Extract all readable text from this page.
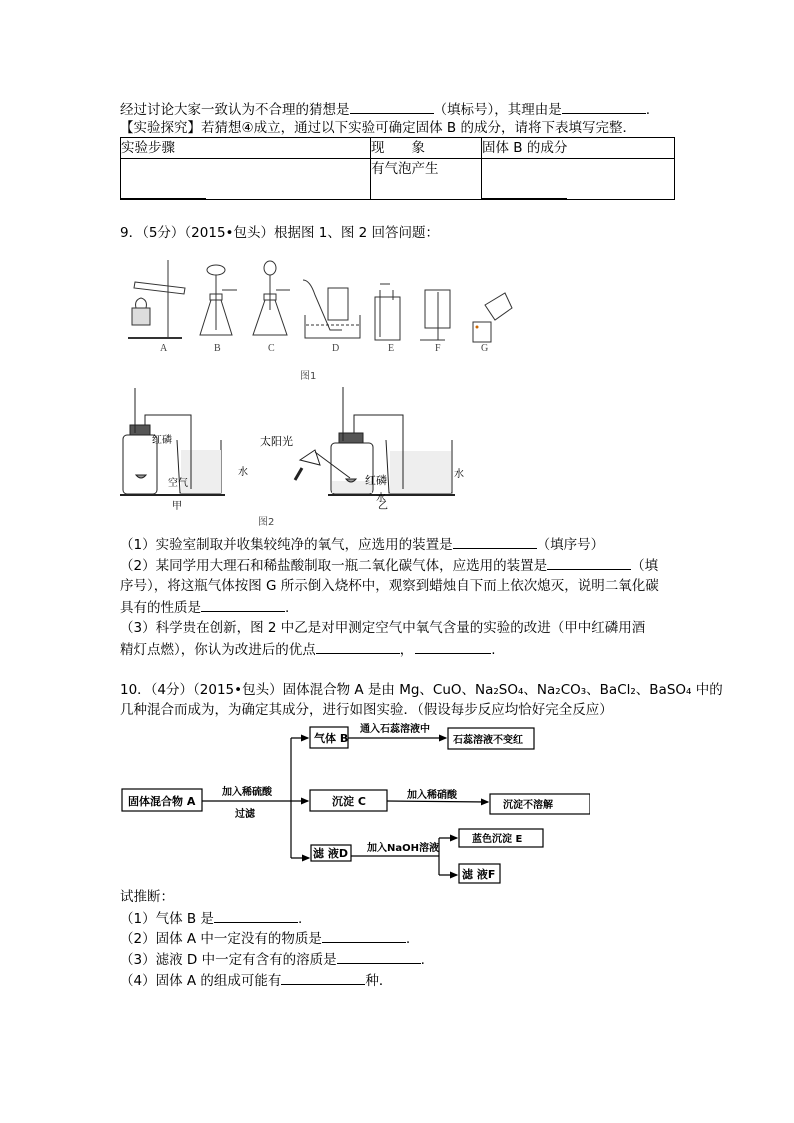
经过讨论大家一致认为不合理的猜想是	（填标号），其理由是	.
【实验探究】若猜想④成立，通过以下实验可确定固体 B 的成分，请将下表填写完整．
实验步骤	现　　象	固体 B 的成分

	有气泡产生	
9．（5分）（2015•包头）根据图 1、图 2 回答问题：
A	B	C	D	E	F	G
图1
红磷
空气
水
甲
太阳光
红磷
水
水
乙
图2
（1）实验室制取并收集较纯净的氧气，应选用的装置是	（填序号）
（2）某同学用大理石和稀盐酸制取一瓶二氧化碳气体，应选用的装置是	（填
序号），将这瓶气体按图 G 所示倒入烧杯中，观察到蜡烛自下而上依次熄灭，说明二氧化碳
具有的性质是	.
（3）科学贵在创新，图 2 中乙是对甲测定空气中氧气含量的实验的改进（甲中红磷用酒
精灯点燃），你认为改进后的优点	，	.
10．（4分）（2015•包头）固体混合物 A 是由 Mg、CuO、Na₂SO₄、Na₂CO₃、BaCl₂、BaSO₄ 中的
几种混合而成为，为确定其成分，进行如图实验．（假设每步反应均恰好完全反应）
固体混合物 A
加入稀硫酸
过滤
气体 B
通入石蕊溶液中
石蕊溶液不变红
沉淀 C	加入稀硝酸
沉淀不溶解
滤 液D 加入NaOH溶液
蓝色沉淀 E
滤 液F
试推断：
（1）气体 B 是	.
（2）固体 A 中一定没有的物质是	.
（3）滤液 D 中一定有含有的溶质是	.
（4）固体 A 的组成可能有	种．
